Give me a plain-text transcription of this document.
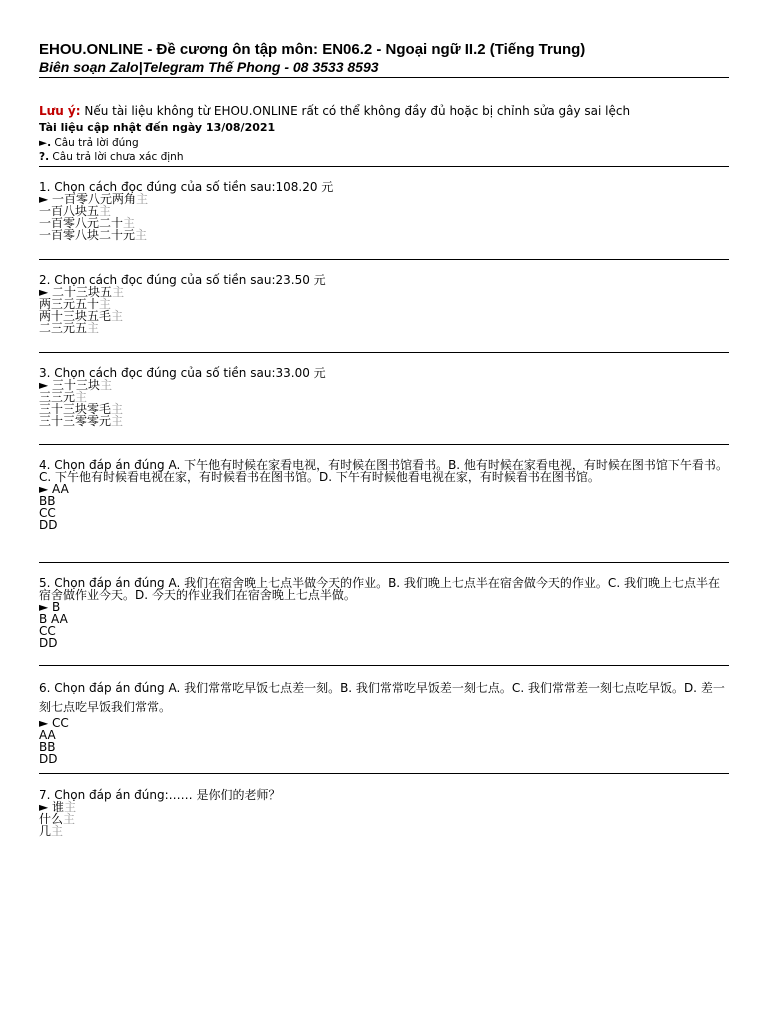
EHOU.ONLINE - Đề cương ôn tập môn: EN06.2 - Ngoại ngữ II.2 (Tiếng Trung)
Biên soạn Zalo|Telegram Thế Phong - 08 3533 8593
Lưu ý: Nếu tài liệu không từ EHOU.ONLINE rất có thể không đầy đủ hoặc bị chỉnh sửa gây sai lệch
Tài liệu cập nhật đến ngày 13/08/2021
►. Câu trả lời đúng
?. Câu trả lời chưa xác định

1. Chọn cách đọc đúng của số tiền sau:108.20 元

► 一百零八元两角主

一百八块五主

一百零八元二十主

一百零八块二十元主

2. Chọn cách đọc đúng của số tiền sau:23.50 元

► 二十三块五主

两三元五十主

两十三块五毛主

二三元五主

3. Chọn cách đọc đúng của số tiền sau:33.00 元

► 三十三块主

三三元主

三十三块零毛主

三十三零零元主

4. Chọn đáp án đúng A. 下午他有时候在家看电视，有时候在图书馆看书。B. 他有时候在家看电视，有时候在图书馆下午看书。C. 下午他有时候看电视在家，有时候看书在图书馆。D. 下午有时候他看电视在家，有时候看书在图书馆。

► AA

BB

CC

DD

5. Chọn đáp án đúng A. 我们在宿舍晚上七点半做今天的作业。B. 我们晚上七点半在宿舍做今天的作业。C. 我们晚上七点半在宿舍做作业今天。D. 今天的作业我们在宿舍晚上七点半做。

► B

B AA

CC

DD

6. Chọn đáp án đúng A. 我们常常吃早饭七点差一刻。B. 我们常常吃早饭差一刻七点。C. 我们常常差一刻七点吃早饭。D. 差一刻七点吃早饭我们常常。

► CC

AA

BB

DD

7. Chọn đáp án đúng:…… 是你们的老师？

► 谁主

什么主

几主
